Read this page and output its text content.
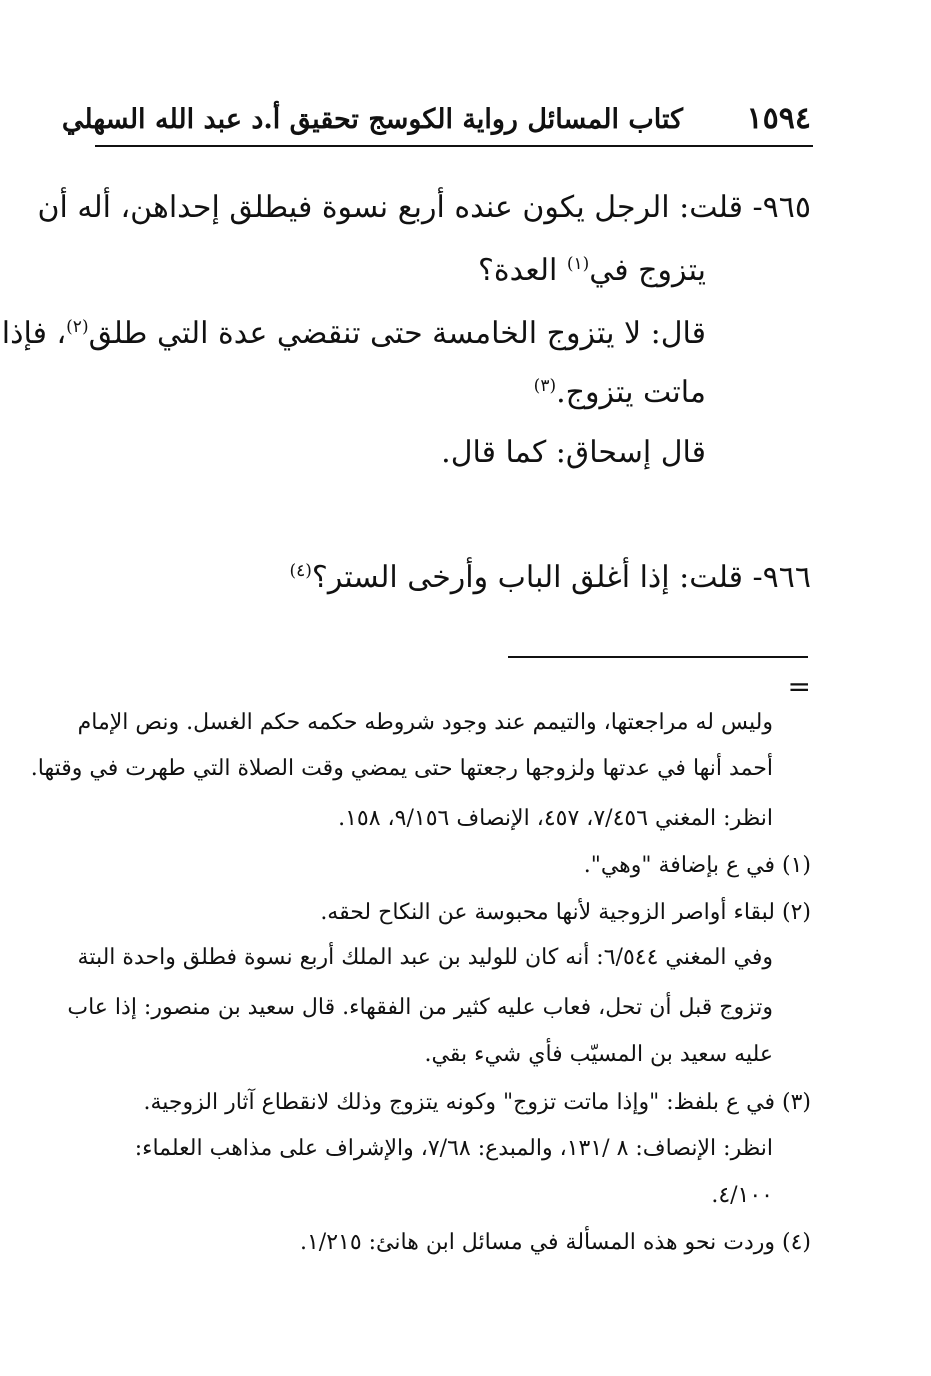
١٥٩٤
كتاب المسائل رواية الكوسج تحقيق أ.د عبد الله السهلي
٩٦٥- قلت: الرجل يكون عنده أربع نسوة فيطلق إحداهن، أله أن
يتزوج في$^{(١)}$ العدة؟
قال: لا يتزوج الخامسة حتى تنقضي عدة التي طلق$^{(٢)}$، فإذا
ماتت يتزوج.$^{(٣)}$
قال إسحاق: كما قال.
٩٦٦- قلت: إذا أغلق الباب وأرخى الستر؟$^{(٤)}$
=
وليس له مراجعتها، والتيمم عند وجود شروطه حكمه حكم الغسل. ونص الإمام
أحمد أنها في عدتها ولزوجها رجعتها حتى يمضي وقت الصلاة التي طهرت في وقتها.
انظر: المغني ٧/٤٥٦، ٤٥٧، الإنصاف ٩/١٥٦، ١٥٨.
(١) في ع بإضافة "وهي".
(٢) لبقاء أواصر الزوجية لأنها محبوسة عن النكاح لحقه.
وفي المغني ٦/٥٤٤: أنه كان للوليد بن عبد الملك أربع نسوة فطلق واحدة البتة
وتزوج قبل أن تحل، فعاب عليه كثير من الفقهاء. قال سعيد بن منصور: إذا عاب
عليه سعيد بن المسيّب فأي شيء بقي.
(٣) في ع بلفظ: "وإذا ماتت تزوج" وكونه يتزوج وذلك لانقطاع آثار الزوجية.
انظر: الإنصاف: ٨ /١٣١، والمبدع: ٧/٦٨، والإشراف على مذاهب العلماء:
٤/١٠٠.
(٤) وردت نحو هذه المسألة في مسائل ابن هانئ: ١/٢١٥.
